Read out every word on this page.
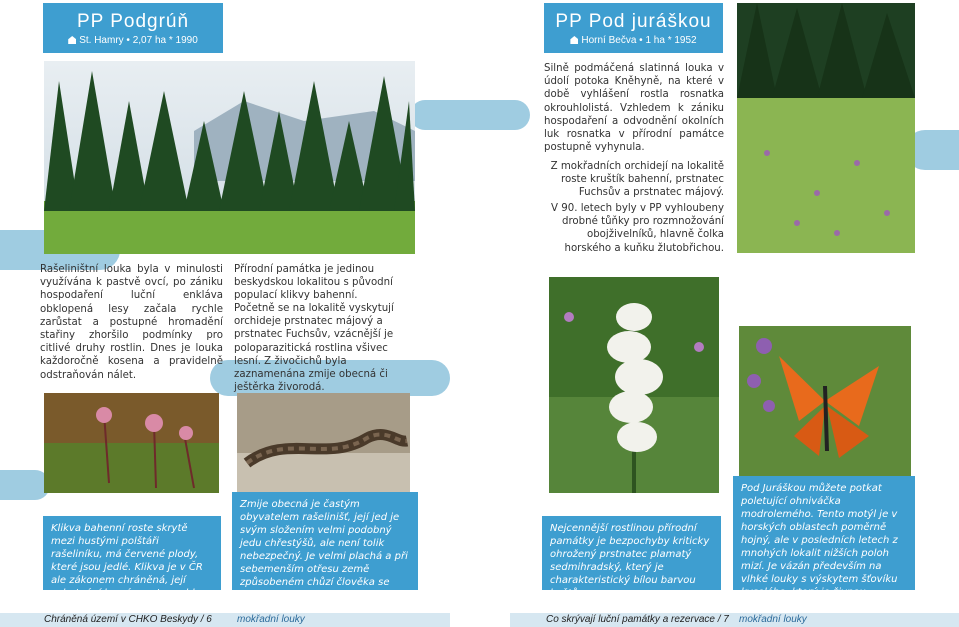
PP Podgrúň
St. Hamry • 2,07 ha * 1990
Rašeliništní louka byla v minulosti využívána k pastvě ovcí, po zániku hospodaření luční enkláva obklopená lesy začala rychle zarůstat a postupné hromadění stařiny zhoršilo podmínky pro citlivé druhy rostlin. Dnes je louka každoročně kosena a pravidelně odstraňován nálet.
Přírodní památka je jedinou beskydskou lokalitou s původní populací klikvy bahenní.
Početně se na lokalitě vyskytují orchideje prstnatec májový a prstnatec Fuchsův, vzácnější je poloparazitická rostlina všivec lesní. Z živočichů byla zaznamenána zmije obecná či ještěrka živorodá.
Klikva bahenní roste skrytě mezi hustými polštáři rašeliníku, má červené plody, které jsou jedlé. Klikva je v ČR ale zákonem chráněná, její ochutnání by vás proto mohlo vyjít draho.
Zmije obecná je častým obyvatelem rašelinišť, její jed je svým složením velmi podobný jedu chřestýšů, ale není tolik nebezpečný. Je velmi plachá a při sebemenším otřesu země způsobeném chůzí člověka se snaží „utéct“ do bezpečí.
PP Pod jurášk​ou
Horní Bečva • 1 ha * 1952
Silně podmáčená slatinná louka v údolí potoka Kněhyně, na které v době vyhlášení rostla rosnatka okrouhlolistá. Vzhledem k zániku hospodaření a odvodnění okolních luk rosnatka v přírodní památce postupně vyhynula.
Z mokřadních orchidejí na lokalitě roste kruštík bahenní, prstnatec Fuchsův a prstnatec májový.
V 90. letech byly v PP vyhloubeny drobné tůňky pro rozmnožování obojživelníků, hlavně čolka horského a kuňku žlutobřichou.
Nejcennější rostlinou přírodní památky je bezpochyby kriticky ohrožený prstnatec plamatý sedmihradský, který je charakteristický bílou barvou květů.
Pod Juráškou můžete potkat poletující ohniváčka modrolemého. Tento motýl je v horských oblastech poměrně hojný, ale v posledních letech z mnohých lokalit nižších poloh mizí. Je vázán především na vlhké louky s výskytem šťovíku kyselého, který je živnou rostlinou pro jeho housenky.
Chráněná území v CHKO Beskydy / 6	mokřadní louky	Co skrývají luční památky a rezervace / 7 mokřadní louky
